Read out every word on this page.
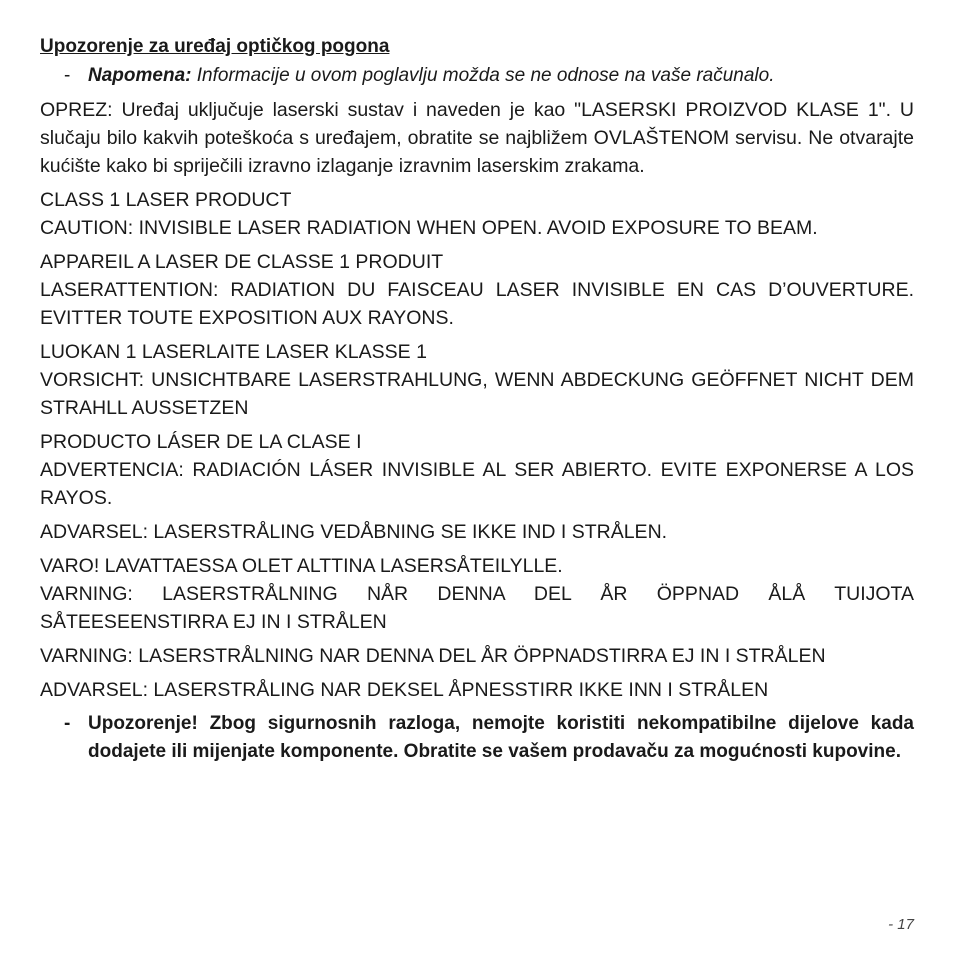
Upozorenje za uređaj optičkog pogona
- Napomena: Informacije u ovom poglavlju možda se ne odnose na vaše računalo.
OPREZ: Uređaj uključuje laserski sustav i naveden je kao "LASERSKI PROIZVOD KLASE 1". U slučaju bilo kakvih poteškoća s uređajem, obratite se najbližem OVLAŠTENOM servisu. Ne otvarajte kućište kako bi spriječili izravno izlaganje izravnim laserskim zrakama.
CLASS 1 LASER PRODUCT
CAUTION: INVISIBLE LASER RADIATION WHEN OPEN. AVOID EXPOSURE TO BEAM.
APPAREIL A LASER DE CLASSE 1 PRODUIT
LASERATTENTION: RADIATION DU FAISCEAU LASER INVISIBLE EN CAS D’OUVERTURE. EVITTER TOUTE EXPOSITION AUX RAYONS.
LUOKAN 1 LASERLAITE LASER KLASSE 1
VORSICHT: UNSICHTBARE LASERSTRAHLUNG, WENN ABDECKUNG GEÖFFNET NICHT DEM STRAHLL AUSSETZEN
PRODUCTO LÁSER DE LA CLASE I
ADVERTENCIA: RADIACIÓN LÁSER INVISIBLE AL SER ABIERTO. EVITE EXPONERSE A LOS RAYOS.
ADVARSEL: LASERSTRÅLING VEDÅBNING SE IKKE IND I STRÅLEN.
VARO! LAVATTAESSA OLET ALTTINA LASERSÅTEILYLLE.
VARNING: LASERSTRÅLNING NÅR DENNA DEL ÅR ÖPPNAD ÅLÅ TUIJOTA SÅTEESEENSTIRRA EJ IN I STRÅLEN
VARNING: LASERSTRÅLNING NAR DENNA DEL ÅR ÖPPNADSTIRRA EJ IN I STRÅLEN
ADVARSEL: LASERSTRÅLING NAR DEKSEL ÅPNESSTIRR IKKE INN I STRÅLEN
- Upozorenje! Zbog sigurnosnih razloga, nemojte koristiti nekompatibilne dijelove kada dodajete ili mijenjate komponente. Obratite se vašem prodavaču za mogućnosti kupovine.
- 17
